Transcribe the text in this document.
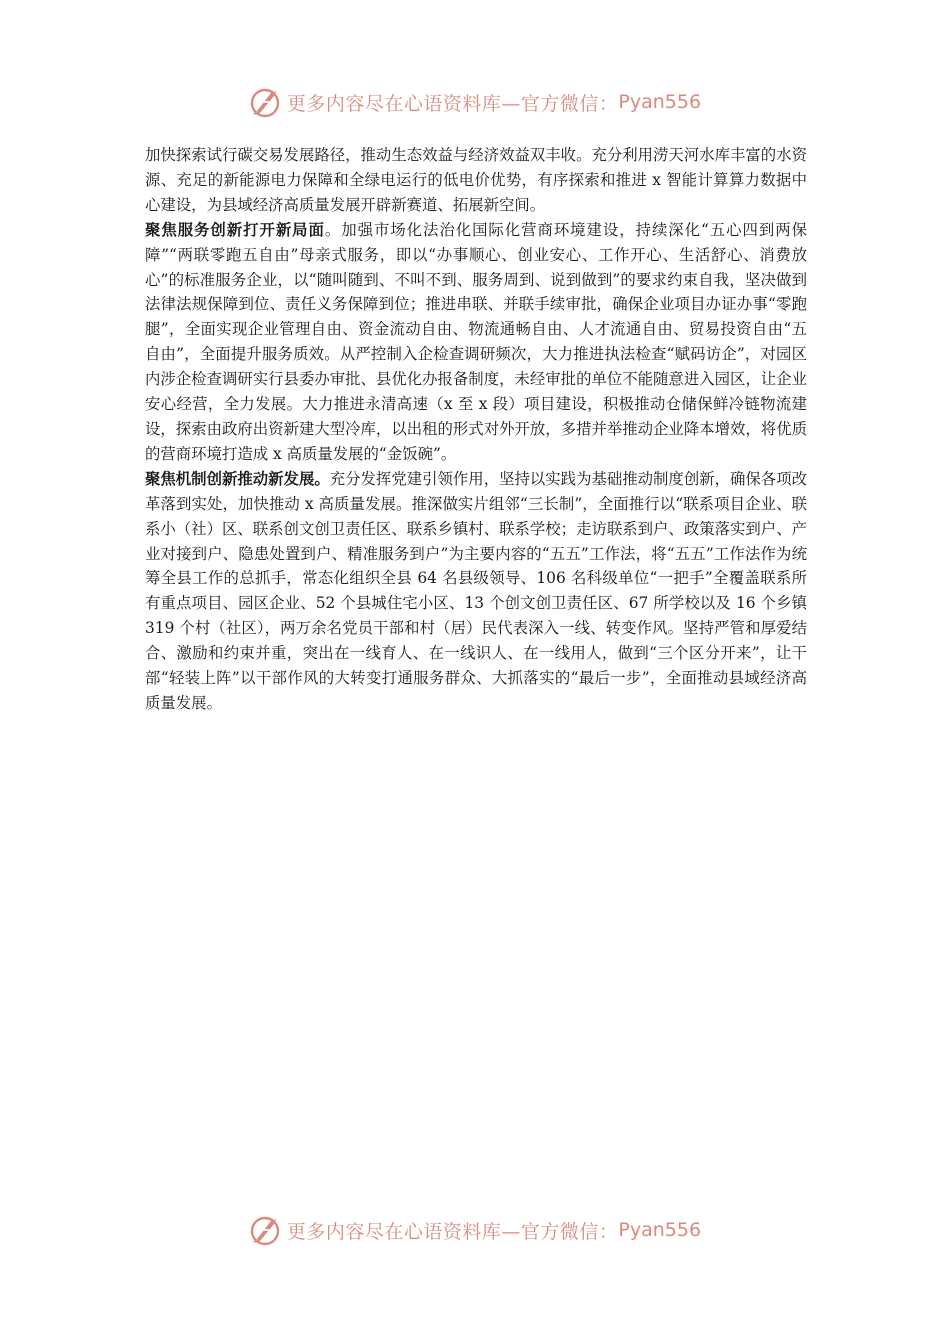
更多内容尽在心语资料库—官方微信： Pyan556

加快探索试行碳交易发展路径，推动生态效益与经济效益双丰收。充分利用涝天河水库丰富的水资源、充足的新能源电力保障和全绿电运行的低电价优势，有序探索和推进 x 智能计算算力数据中心建设，为县域经济高质量发展开辟新赛道、拓展新空间。

聚焦服务创新打开新局面。加强市场化法治化国际化营商环境建设，持续深化“五心四到两保障”“两联零跑五自由”母亲式服务，即以“办事顺心、创业安心、工作开心、生活舒心、消费放心”的标准服务企业，以“随叫随到、不叫不到、服务周到、说到做到”的要求约束自我，坚决做到法律法规保障到位、责任义务保障到位；推进串联、并联手续审批，确保企业项目办证办事“零跑腿”，全面实现企业管理自由、资金流动自由、物流通畅自由、人才流通自由、贸易投资自由“五自由”，全面提升服务质效。从严控制入企检查调研频次，大力推进执法检查“赋码访企”，对园区内涉企检查调研实行县委办审批、县优化办报备制度，未经审批的单位不能随意进入园区，让企业安心经营，全力发展。大力推进永清高速（x 至 x 段）项目建设，积极推动仓储保鲜冷链物流建设，探索由政府出资新建大型冷库，以出租的形式对外开放，多措并举推动企业降本增效，将优质的营商环境打造成 x 高质量发展的“金饭碗”。

聚焦机制创新推动新发展。充分发挥党建引领作用，坚持以实践为基础推动制度创新，确保各项改革落到实处，加快推动 x 高质量发展。推深做实片组邻“三长制”，全面推行以“联系项目企业、联系小（社）区、联系创文创卫责任区、联系乡镇村、联系学校；走访联系到户、政策落实到户、产业对接到户、隐患处置到户、精准服务到户”为主要内容的“五五”工作法，将“五五”工作法作为统筹全县工作的总抓手，常态化组织全县 64 名县级领导、106 名科级单位“一把手”全覆盖联系所有重点项目、园区企业、52 个县城住宅小区、13 个创文创卫责任区、67 所学校以及 16 个乡镇 319 个村（社区），两万余名党员干部和村（居）民代表深入一线、转变作风。坚持严管和厚爱结合、激励和约束并重，突出在一线育人、在一线识人、在一线用人，做到“三个区分开来”，让干部“轻装上阵”以干部作风的大转变打通服务群众、大抓落实的“最后一步”，全面推动县域经济高质量发展。

更多内容尽在心语资料库—官方微信： Pyan556
